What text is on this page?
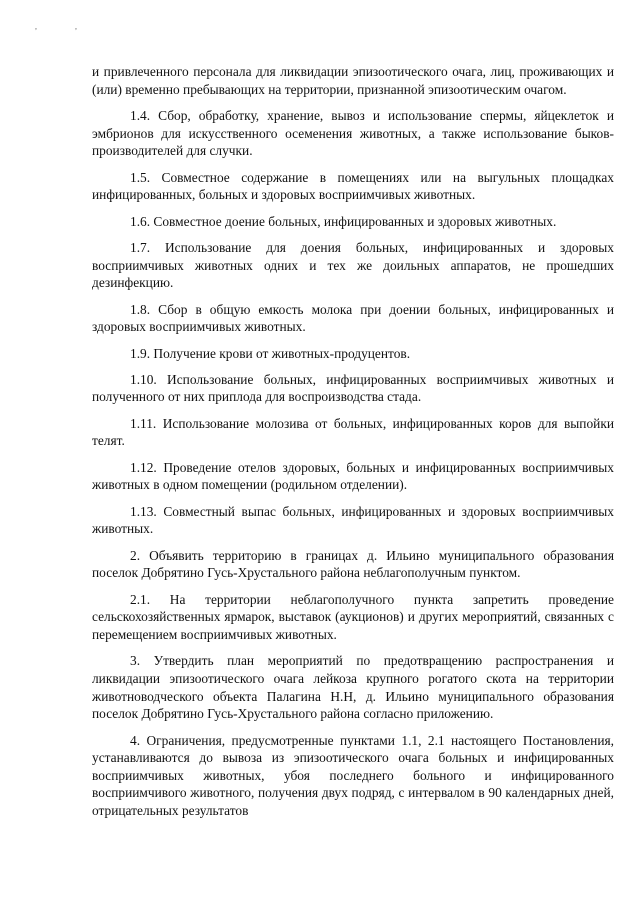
, ,

и привлеченного персонала для ликвидации эпизоотического очага, лиц, проживающих и (или) временно пребывающих на территории, признанной эпизоотическим очагом.

1.4. Сбор, обработку, хранение, вывоз и использование спермы, яйцеклеток и эмбрионов для искусственного осеменения животных, а также использование быков-производителей для случки.

1.5. Совместное содержание в помещениях или на выгульных площадках инфицированных, больных и здоровых восприимчивых животных.

1.6. Совместное доение больных, инфицированных и здоровых животных.

1.7. Использование для доения больных, инфицированных и здоровых восприимчивых животных одних и тех же доильных аппаратов, не прошедших дезинфекцию.

1.8. Сбор в общую емкость молока при доении больных, инфицированных и здоровых восприимчивых животных.

1.9. Получение крови от животных-продуцентов.

1.10. Использование больных, инфицированных восприимчивых животных и полученного от них приплода для воспроизводства стада.

1.11. Использование молозива от больных, инфицированных коров для выпойки телят.

1.12. Проведение отелов здоровых, больных и инфицированных восприимчивых животных в одном помещении (родильном отделении).

1.13. Совместный выпас больных, инфицированных и здоровых восприимчивых животных.

2. Объявить территорию в границах д. Ильино муниципального образования поселок Добрятино Гусь-Хрустального района неблагополучным пунктом.

2.1. На территории неблагополучного пункта запретить проведение сельскохозяйственных ярмарок, выставок (аукционов) и других мероприятий, связанных с перемещением восприимчивых животных.

3. Утвердить план мероприятий по предотвращению распространения и ликвидации эпизоотического очага лейкоза крупного рогатого скота на территории животноводческого объекта Палагина Н.Н, д. Ильино муниципального образования поселок Добрятино Гусь-Хрустального района согласно приложению.

4. Ограничения, предусмотренные пунктами 1.1, 2.1 настоящего Постановления, устанавливаются до вывоза из эпизоотического очага больных и инфицированных восприимчивых животных, убоя последнего больного и инфицированного восприимчивого животного, получения двух подряд, с интервалом в 90 календарных дней, отрицательных результатов
